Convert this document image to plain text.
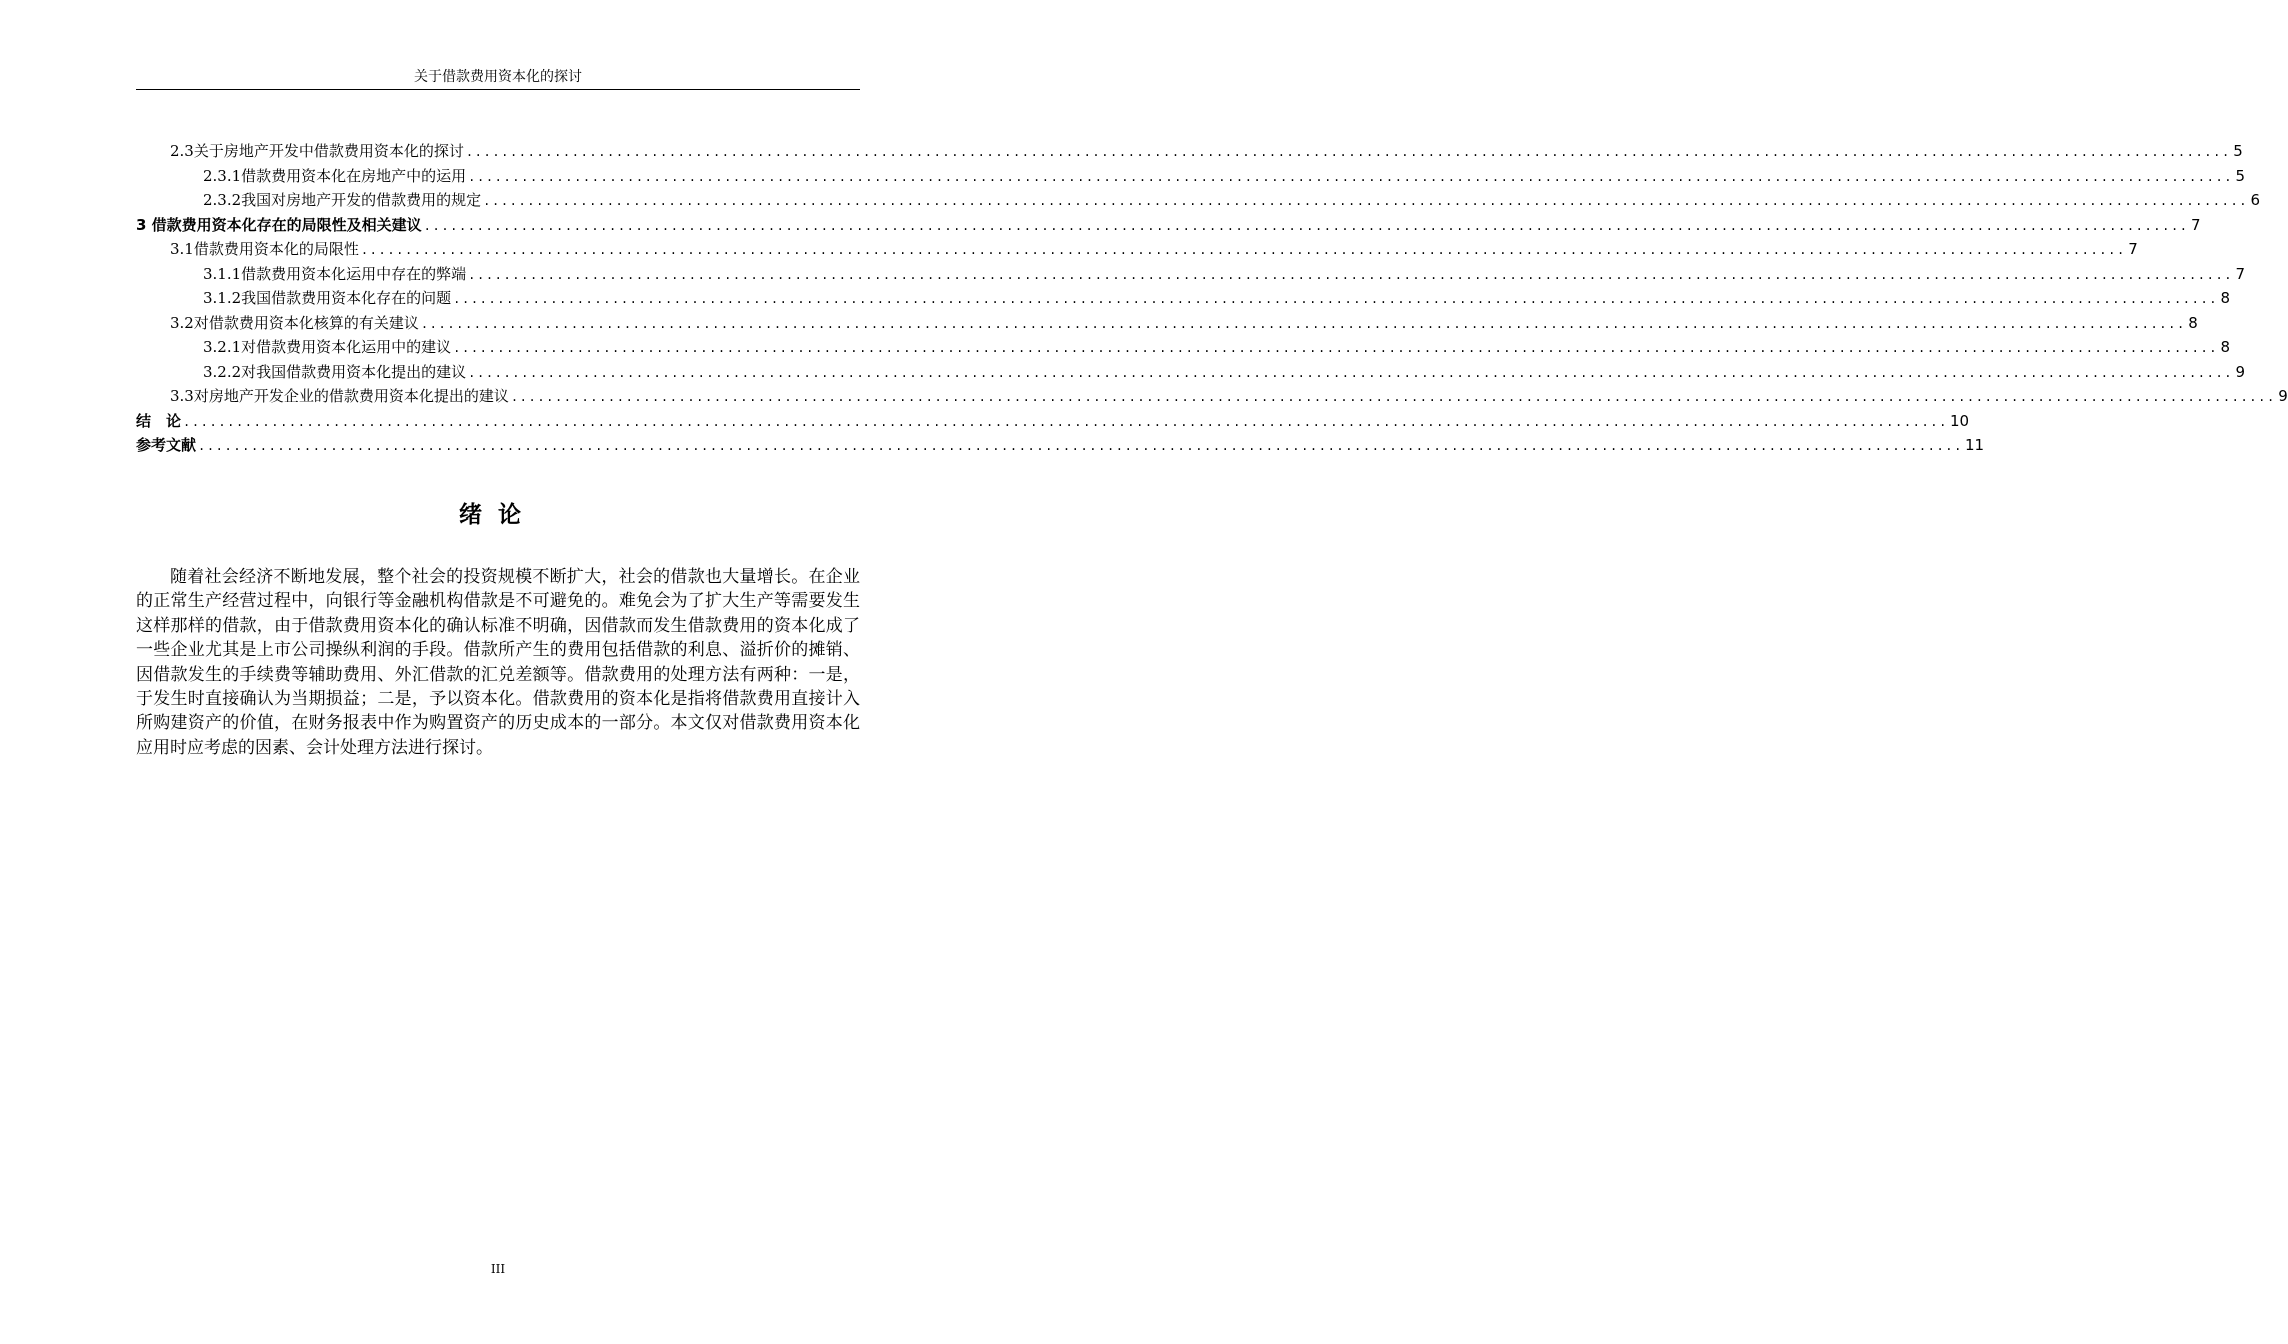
关于借款费用资本化的探讨
2.3关于房地产开发中借款费用资本化的探讨 ........................................................................................................................................................................................................ 5
2.3.1借款费用资本化在房地产中的运用 ........................................................................................................................................................................................................ 5
2.3.2我国对房地产开发的借款费用的规定 ........................................................................................................................................................................................................ 6
3 借款费用资本化存在的局限性及相关建议 ........................................................................................................................................................................................................ 7
3.1借款费用资本化的局限性 ........................................................................................................................................................................................................ 7
3.1.1借款费用资本化运用中存在的弊端 ........................................................................................................................................................................................................ 7
3.1.2我国借款费用资本化存在的问题 ........................................................................................................................................................................................................ 8
3.2对借款费用资本化核算的有关建议 ........................................................................................................................................................................................................ 8
3.2.1对借款费用资本化运用中的建议 ........................................................................................................................................................................................................ 8
3.2.2对我国借款费用资本化提出的建议 ........................................................................................................................................................................................................ 9
3.3对房地产开发企业的借款费用资本化提出的建议 ........................................................................................................................................................................................................ 9
结　论 ........................................................................................................................................................................................................ 10
参考文献 ........................................................................................................................................................................................................ 11
绪论

随着社会经济不断地发展，整个社会的投资规模不断扩大，社会的借款也大量增长。在企业的正常生产经营过程中，向银行等金融机构借款是不可避免的。难免会为了扩大生产等需要发生这样那样的借款，由于借款费用资本化的确认标准不明确，因借款而发生借款费用的资本化成了一些企业尤其是上市公司操纵利润的手段。借款所产生的费用包括借款的利息、溢折价的摊销、因借款发生的手续费等辅助费用、外汇借款的汇兑差额等。借款费用的处理方法有两种：一是，于发生时直接确认为当期损益；二是，予以资本化。借款费用的资本化是指将借款费用直接计入所购建资产的价值，在财务报表中作为购置资产的历史成本的一部分。本文仅对借款费用资本化应用时应考虑的因素、会计处理方法进行探讨。

III
